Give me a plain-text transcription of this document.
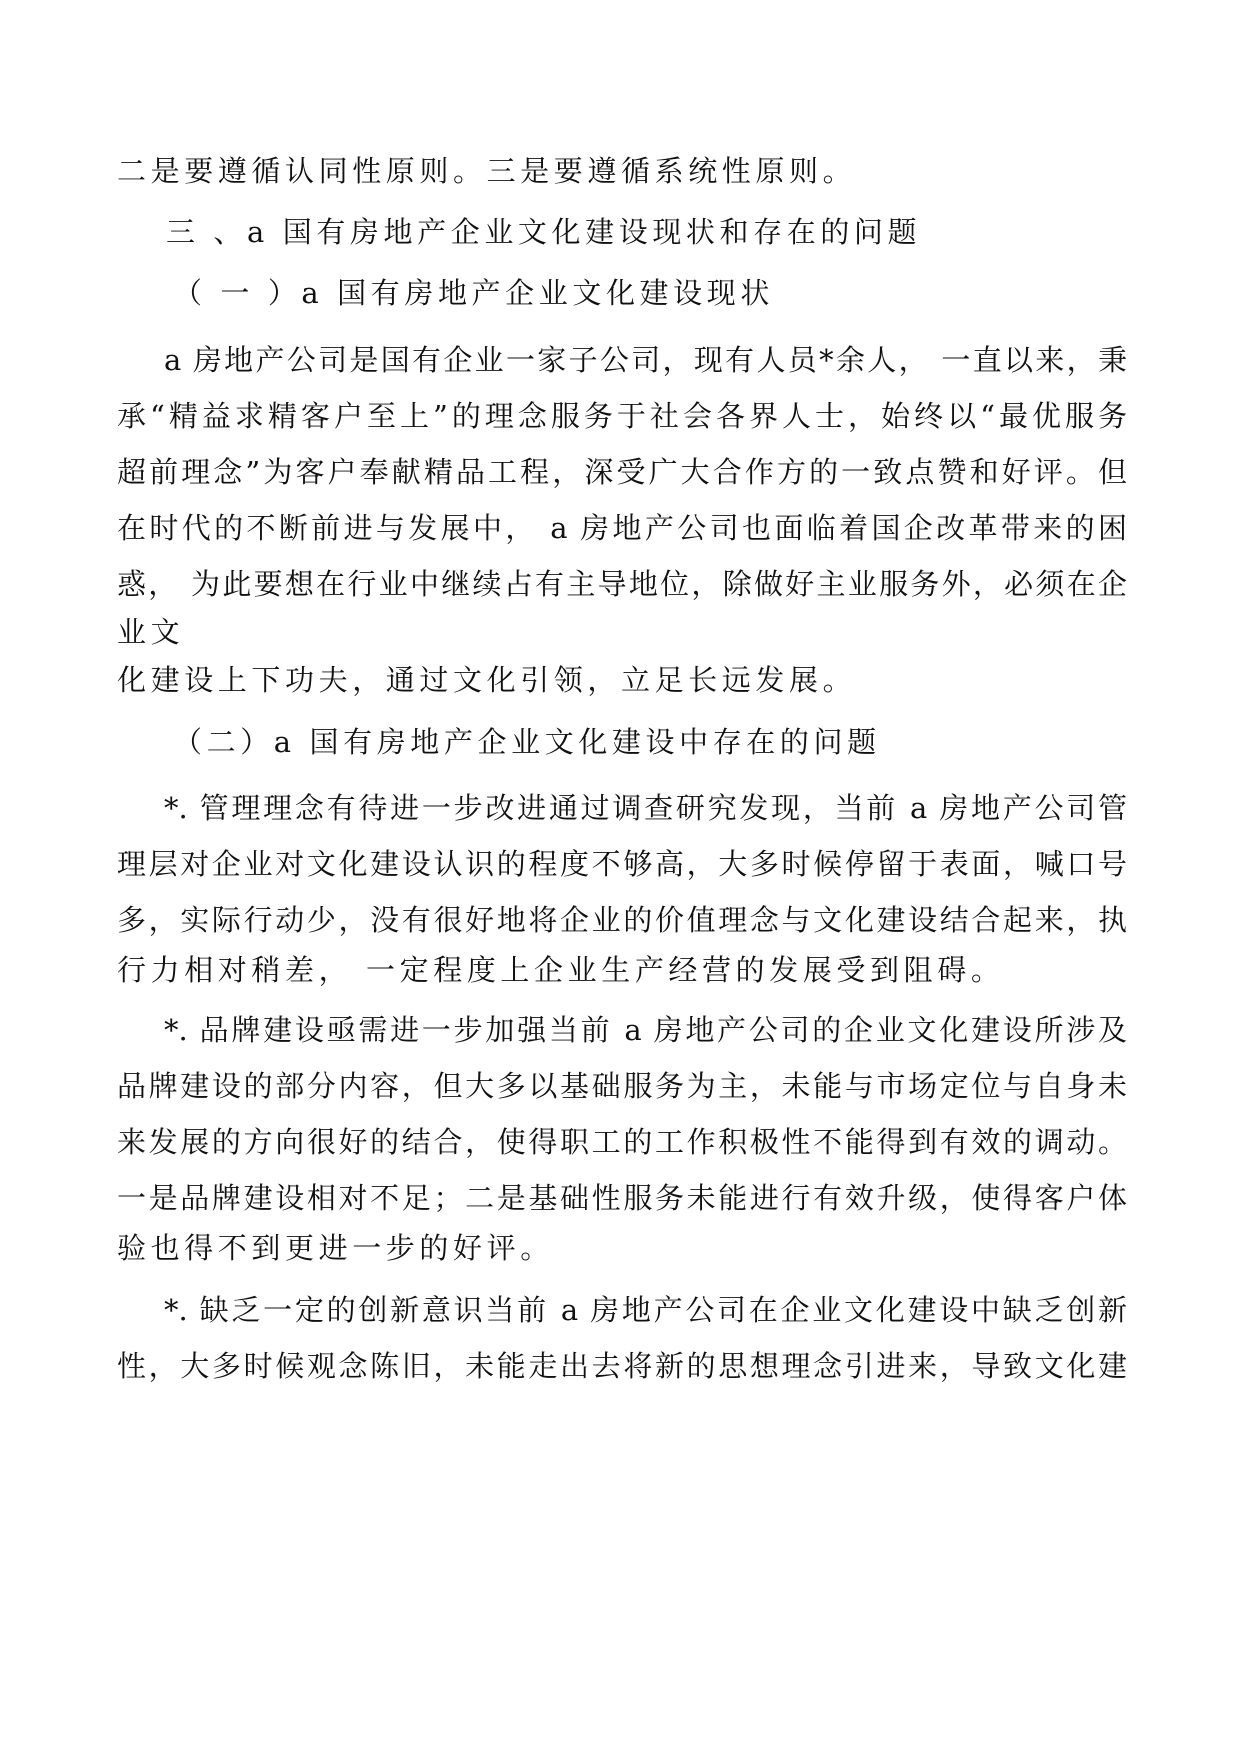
二是要遵循认同性原则。三是要遵循系统性原则。

三 、a 国有房地产企业文化建设现状和存在的问题

（ 一 ）a 国有房地产企业文化建设现状

a 房地产公司是国有企业一家子公司，现有人员*余人， 一直以来，秉

承“精益求精客户至上”的理念服务于社会各界人士，始终以“最优服务

超前理念”为客户奉献精品工程，深受广大合作方的一致点赞和好评。但

在时代的不断前进与发展中， a 房地产公司也面临着国企改革带来的困

惑， 为此要想在行业中继续占有主导地位，除做好主业服务外，必须在企

业文

化建设上下功夫，通过文化引领，立足长远发展。

（二）a 国有房地产企业文化建设中存在的问题

*. 管理理念有待进一步改进通过调查研究发现，当前 a 房地产公司管

理层对企业对文化建设认识的程度不够高，大多时候停留于表面，喊口号

多，实际行动少，没有很好地将企业的价值理念与文化建设结合起来，执

行力相对稍差， 一定程度上企业生产经营的发展受到阻碍。

*. 品牌建设亟需进一步加强当前 a 房地产公司的企业文化建设所涉及

品牌建设的部分内容，但大多以基础服务为主，未能与市场定位与自身未

来发展的方向很好的结合，使得职工的工作积极性不能得到有效的调动。

一是品牌建设相对不足；二是基础性服务未能进行有效升级，使得客户体

验也得不到更进一步的好评。

*. 缺乏一定的创新意识当前 a 房地产公司在企业文化建设中缺乏创新

性，大多时候观念陈旧，未能走出去将新的思想理念引进来，导致文化建
